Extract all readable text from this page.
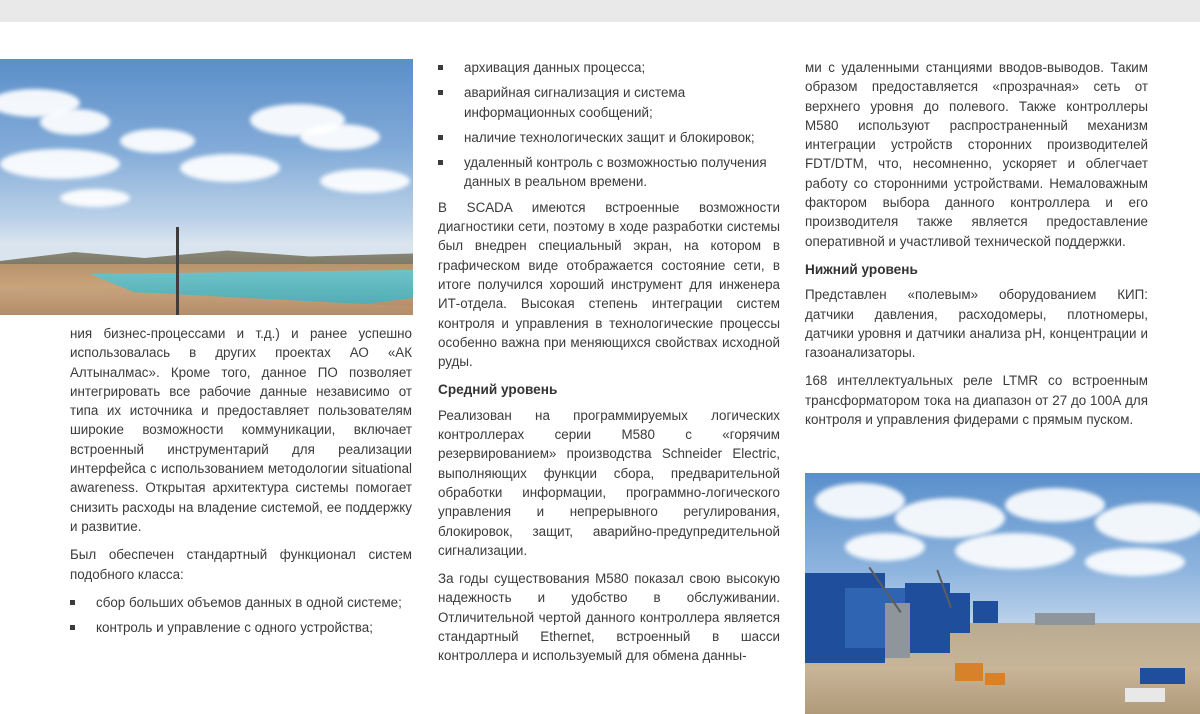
ния бизнес-процессами и т.д.) и ранее успешно использовалась в других проектах АО «АК Алтыналмас». Кроме того, данное ПО позволяет интегрировать все рабочие данные независимо от типа их источника и предоставляет пользователям широкие возможности коммуникации, включает встроенный инструментарий для реализации интерфейса с использованием методологии situational awareness. Открытая архитектура системы помогает снизить расходы на владение системой, ее поддержку и развитие.

Был обеспечен стандартный функционал систем подобного класса:

сбор больших объемов данных в одной системе;
контроль и управление с одного устройства;
архивация данных процесса;
аварийная сигнализация и система информационных сообщений;
наличие технологических защит и блокировок;
удаленный контроль с возможностью получения данных в реальном времени.

В SCADA имеются встроенные возможности диагностики сети, поэтому в ходе разработки системы был внедрен специальный экран, на котором в графическом виде отображается состояние сети, в итоге получился хороший инструмент для инженера ИТ-отдела. Высокая степень интеграции систем контроля и управления в технологические процессы особенно важна при меняющихся свойствах исходной руды.

Средний уровень

Реализован на программируемых логических контроллерах серии M580 с «горячим резервированием» производства Schneider Electric, выполняющих функции сбора, предварительной обработки информации, программно-логического управления и непрерывного регулирования, блокировок, защит, аварийно-предупредительной сигнализации.

За годы существования M580 показал свою высокую надежность и удобство в обслуживании. Отличительной чертой данного контроллера является стандартный Ethernet, встроенный в шасси контроллера и используемый для обмена данны-

ми с удаленными станциями вводов-выводов. Таким образом предоставляется «прозрачная» сеть от верхнего уровня до полевого. Также контроллеры M580 используют распространенный механизм интеграции устройств сторонних производителей FDT/DTM, что, несомненно, ускоряет и облегчает работу со сторонними устройствами. Немаловажным фактором выбора данного контроллера и его производителя также является предоставление оперативной и участливой технической поддержки.

Нижний уровень

Представлен «полевым» оборудованием КИП: датчики давления, расходомеры, плотномеры, датчики уровня и датчики анализа pH, концентрации и газоанализаторы.

168 интеллектуальных реле LTMR со встроенным трансформатором тока на диапазон от 27 до 100А для контроля и управления фидерами с прямым пуском.
